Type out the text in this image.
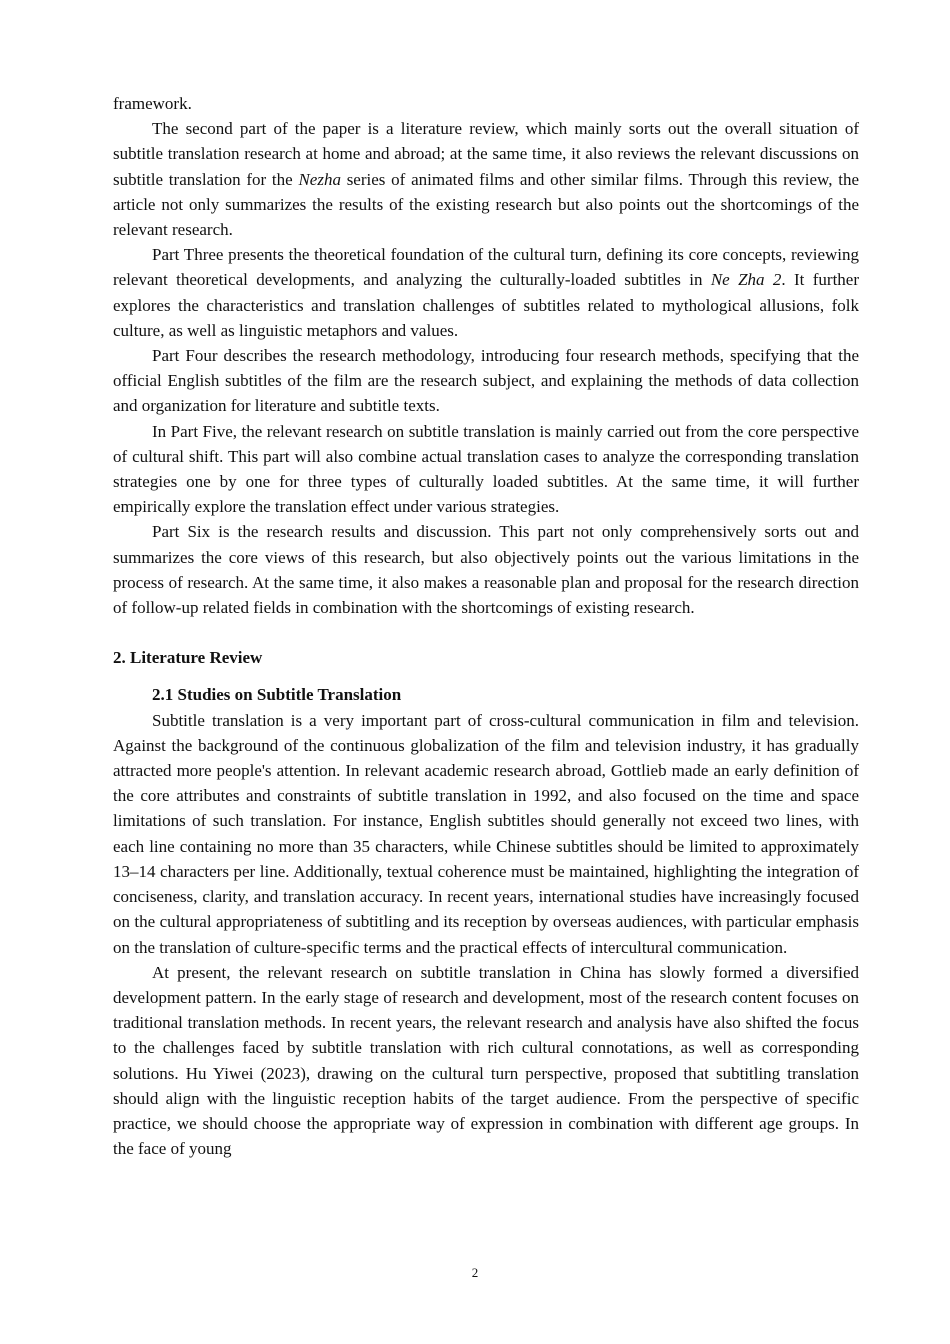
framework.

The second part of the paper is a literature review, which mainly sorts out the overall situation of subtitle translation research at home and abroad; at the same time, it also reviews the relevant discussions on subtitle translation for the Nezha series of animated films and other similar films. Through this review, the article not only summarizes the results of the existing research but also points out the shortcomings of the relevant research.

Part Three presents the theoretical foundation of the cultural turn, defining its core concepts, reviewing relevant theoretical developments, and analyzing the culturally-loaded subtitles in Ne Zha 2. It further explores the characteristics and translation challenges of subtitles related to mythological allusions, folk culture, as well as linguistic metaphors and values.

Part Four describes the research methodology, introducing four research methods, specifying that the official English subtitles of the film are the research subject, and explaining the methods of data collection and organization for literature and subtitle texts.

In Part Five, the relevant research on subtitle translation is mainly carried out from the core perspective of cultural shift. This part will also combine actual translation cases to analyze the corresponding translation strategies one by one for three types of culturally loaded subtitles. At the same time, it will further empirically explore the translation effect under various strategies.

Part Six is the research results and discussion. This part not only comprehensively sorts out and summarizes the core views of this research, but also objectively points out the various limitations in the process of research. At the same time, it also makes a reasonable plan and proposal for the research direction of follow-up related fields in combination with the shortcomings of existing research.

2. Literature Review
2.1 Studies on Subtitle Translation

Subtitle translation is a very important part of cross-cultural communication in film and television. Against the background of the continuous globalization of the film and television industry, it has gradually attracted more people's attention. In relevant academic research abroad, Gottlieb made an early definition of the core attributes and constraints of subtitle translation in 1992, and also focused on the time and space limitations of such translation. For instance, English subtitles should generally not exceed two lines, with each line containing no more than 35 characters, while Chinese subtitles should be limited to approximately 13–14 characters per line. Additionally, textual coherence must be maintained, highlighting the integration of conciseness, clarity, and translation accuracy. In recent years, international studies have increasingly focused on the cultural appropriateness of subtitling and its reception by overseas audiences, with particular emphasis on the translation of culture-specific terms and the practical effects of intercultural communication.

At present, the relevant research on subtitle translation in China has slowly formed a diversified development pattern. In the early stage of research and development, most of the research content focuses on traditional translation methods. In recent years, the relevant research and analysis have also shifted the focus to the challenges faced by subtitle translation with rich cultural connotations, as well as corresponding solutions. Hu Yiwei (2023), drawing on the cultural turn perspective, proposed that subtitling translation should align with the linguistic reception habits of the target audience. From the perspective of specific practice, we should choose the appropriate way of expression in combination with different age groups. In the face of young

2
